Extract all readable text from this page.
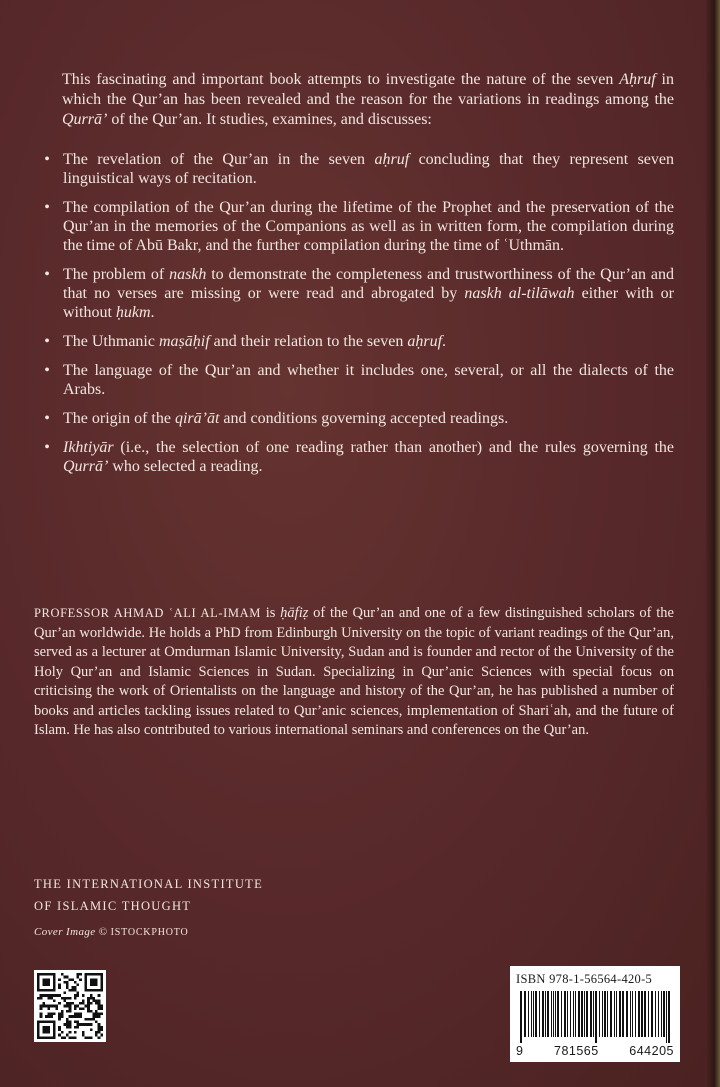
This fascinating and important book attempts to investigate the nature of the seven Aḥruf in which the Qur’an has been revealed and the reason for the variations in readings among the Qurrā’ of the Qur’an. It studies, examines, and discusses:

• The revelation of the Qur’an in the seven aḥruf concluding that they represent seven linguistical ways of recitation.
• The compilation of the Qur’an during the lifetime of the Prophet and the preservation of the Qur’an in the memories of the Companions as well as in written form, the compilation during the time of Abū Bakr, and the further compilation during the time of ʿUthmān.
• The problem of naskh to demonstrate the completeness and trustworthiness of the Qur’an and that no verses are missing or were read and abrogated by naskh al-tilāwah either with or without ḥukm.
• The Uthmanic maṣāḥif and their relation to the seven aḥruf.
• The language of the Qur’an and whether it includes one, several, or all the dialects of the Arabs.
• The origin of the qirā’āt and conditions governing accepted readings.
• Ikhtiyār (i.e., the selection of one reading rather than another) and the rules governing the Qurrā’ who selected a reading.

PROFESSOR AHMAD ʿALI AL-IMAM is ḥāfiẓ of the Qur’an and one of a few distinguished scholars of the Qur’an worldwide. He holds a PhD from Edinburgh University on the topic of variant readings of the Qur’an, served as a lecturer at Omdurman Islamic University, Sudan and is founder and rector of the University of the Holy Qur’an and Islamic Sciences in Sudan. Specializing in Qur’anic Sciences with special focus on criticising the work of Orientalists on the language and history of the Qur’an, he has published a number of books and articles tackling issues related to Qur’anic sciences, implementation of Shariʿah, and the future of Islam. He has also contributed to various international seminars and conferences on the Qur’an.

THE INTERNATIONAL INSTITUTE
OF ISLAMIC THOUGHT
Cover Image © ISTOCKPHOTO
ISBN 978-1-56564-420-5
9 781565 644205
